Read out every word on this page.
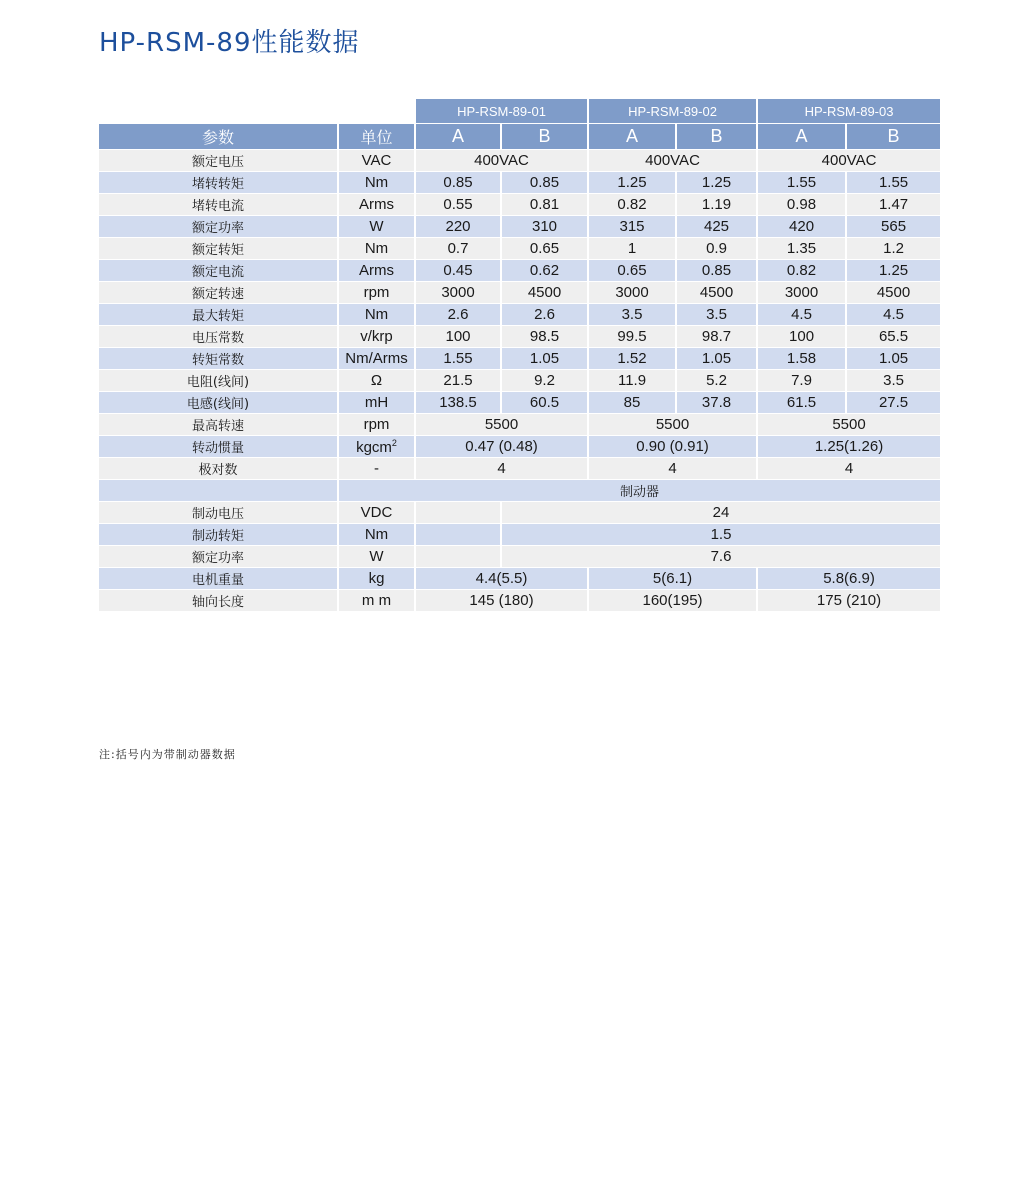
HP-RSM-89性能数据
		HP-RSM-89-01		HP-RSM-89-02		HP-RSM-89-03	
参数	单位	A	B	A	B	A	B
额定电压	VAC	400VAC		400VAC		400VAC	
堵转转矩	Nm	0.85	0.85	1.25	1.25	1.55	1.55
堵转电流	Arms	0.55	0.81	0.82	1.19	0.98	1.47
额定功率	W	220	310	315	425	420	565
额定转矩	Nm	0.7	0.65	1	0.9	1.35	1.2
额定电流	Arms	0.45	0.62	0.65	0.85	0.82	1.25
额定转速	rpm	3000	4500	3000	4500	3000	4500
最大转矩	Nm	2.6	2.6	3.5	3.5	4.5	4.5
电压常数	v/krp	100	98.5	99.5	98.7	100	65.5
转矩常数	Nm/Arms	1.55	1.05	1.52	1.05	1.58	1.05
电阻(线间)	Ω	21.5	9.2	11.9	5.2	7.9	3.5
电感(线间)	mH	138.5	60.5	85	37.8	61.5	27.5
最高转速	rpm	5500		5500		5500	
转动惯量	kgcm$^2$	0.47 (0.48)		0.90 (0.91)		1.25(1.26)	
极对数	-	4		4		4	
	制动器						
制动电压	VDC		24				
制动转矩	Nm		1.5				
额定功率	W		7.6				
电机重量	kg	4.4(5.5)		5(6.1)		5.8(6.9)	
轴向长度	m m	145 (180)		160(195)		175 (210)	
注:括号内为带制动器数据
